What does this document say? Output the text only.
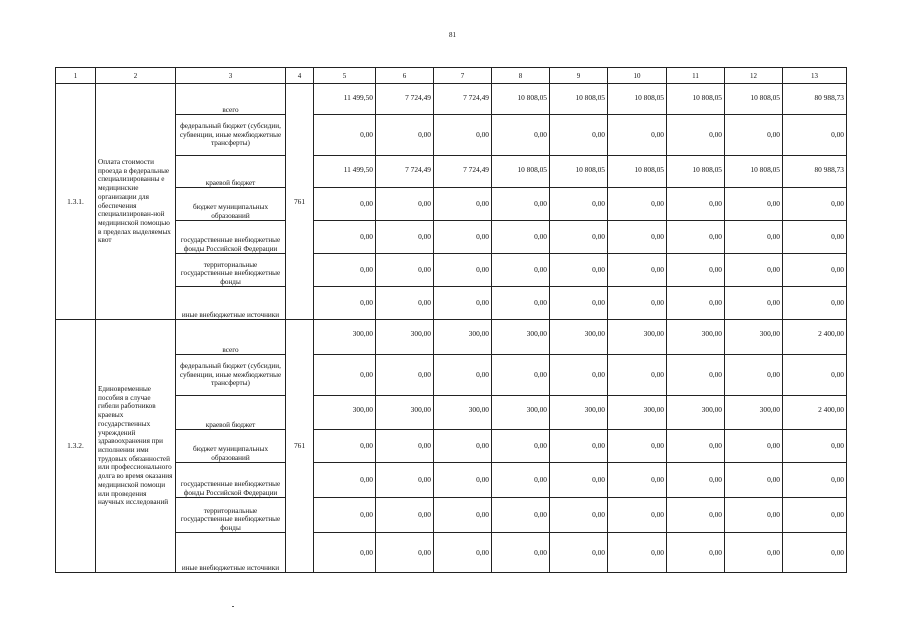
81
1	2	3	4	5	6	7	8	9	10	11	12	13
1.3.1.	Оплата стоимости проезда в федеральные специализированны е медицинские организации для обеспечения специализирован-ной медицинской помощью в пределах выделяемых квот	всего	761	11 499,50	7 724,49	7 724,49	10 808,05	10 808,05	10 808,05	10 808,05	10 808,05	80 988,73
		федеральный бюджет (субсидии, субвенции, иные межбюджетные трансферты)		0,00	0,00	0,00	0,00	0,00	0,00	0,00	0,00	0,00
		краевой бюджет		11 499,50	7 724,49	7 724,49	10 808,05	10 808,05	10 808,05	10 808,05	10 808,05	80 988,73
		бюджет муниципальных образований		0,00	0,00	0,00	0,00	0,00	0,00	0,00	0,00	0,00
		государственные внебюджетные фонды Российской Федерации		0,00	0,00	0,00	0,00	0,00	0,00	0,00	0,00	0,00
		территориальные государственные внебюджетные фонды		0,00	0,00	0,00	0,00	0,00	0,00	0,00	0,00	0,00
		иные внебюджетные источники		0,00	0,00	0,00	0,00	0,00	0,00	0,00	0,00	0,00
1.3.2.	Единовременные пособия в случае гибели работников краевых государственных учреждений здравоохранения при исполнении ими трудовых обязанностей или профессионального долга во время оказания медицинской помощи или проведения научных исследований	всего	761	300,00	300,00	300,00	300,00	300,00	300,00	300,00	300,00	2 400,00
		федеральный бюджет (субсидии, субвенции, иные межбюджетные трансферты)		0,00	0,00	0,00	0,00	0,00	0,00	0,00	0,00	0,00
		краевой бюджет		300,00	300,00	300,00	300,00	300,00	300,00	300,00	300,00	2 400,00
		бюджет муниципальных образований		0,00	0,00	0,00	0,00	0,00	0,00	0,00	0,00	0,00
		государственные внебюджетные фонды Российской Федерации		0,00	0,00	0,00	0,00	0,00	0,00	0,00	0,00	0,00
		территориальные государственные внебюджетные фонды		0,00	0,00	0,00	0,00	0,00	0,00	0,00	0,00	0,00
		иные внебюджетные источники		0,00	0,00	0,00	0,00	0,00	0,00	0,00	0,00	0,00
